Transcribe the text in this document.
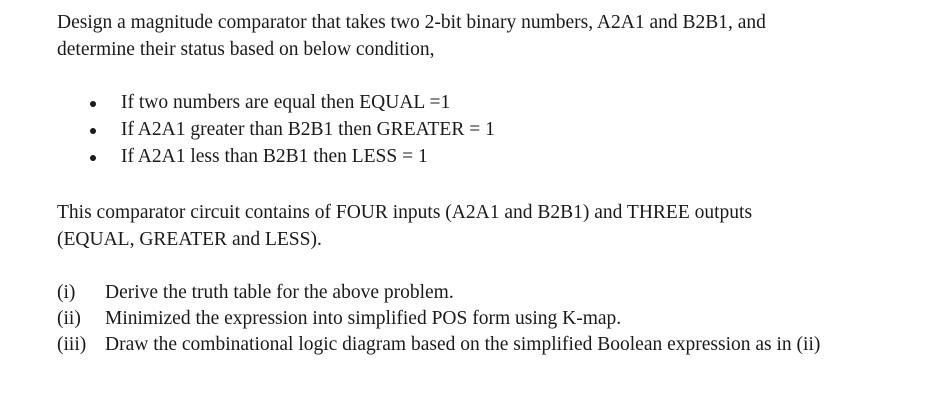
Design a magnitude comparator that takes two 2-bit binary numbers, A2A1 and B2B1, and
determine their status based on below condition,
If two numbers are equal then EQUAL =1
If A2A1 greater than B2B1 then GREATER = 1
If A2A1 less than B2B1 then LESS = 1
This comparator circuit contains of FOUR inputs (A2A1 and B2B1) and THREE outputs
(EQUAL, GREATER and LESS).
(i) Derive the truth table for the above problem.
(ii) Minimized the expression into simplified POS form using K-map.
(iii) Draw the combinational logic diagram based on the simplified Boolean expression as in (ii)
